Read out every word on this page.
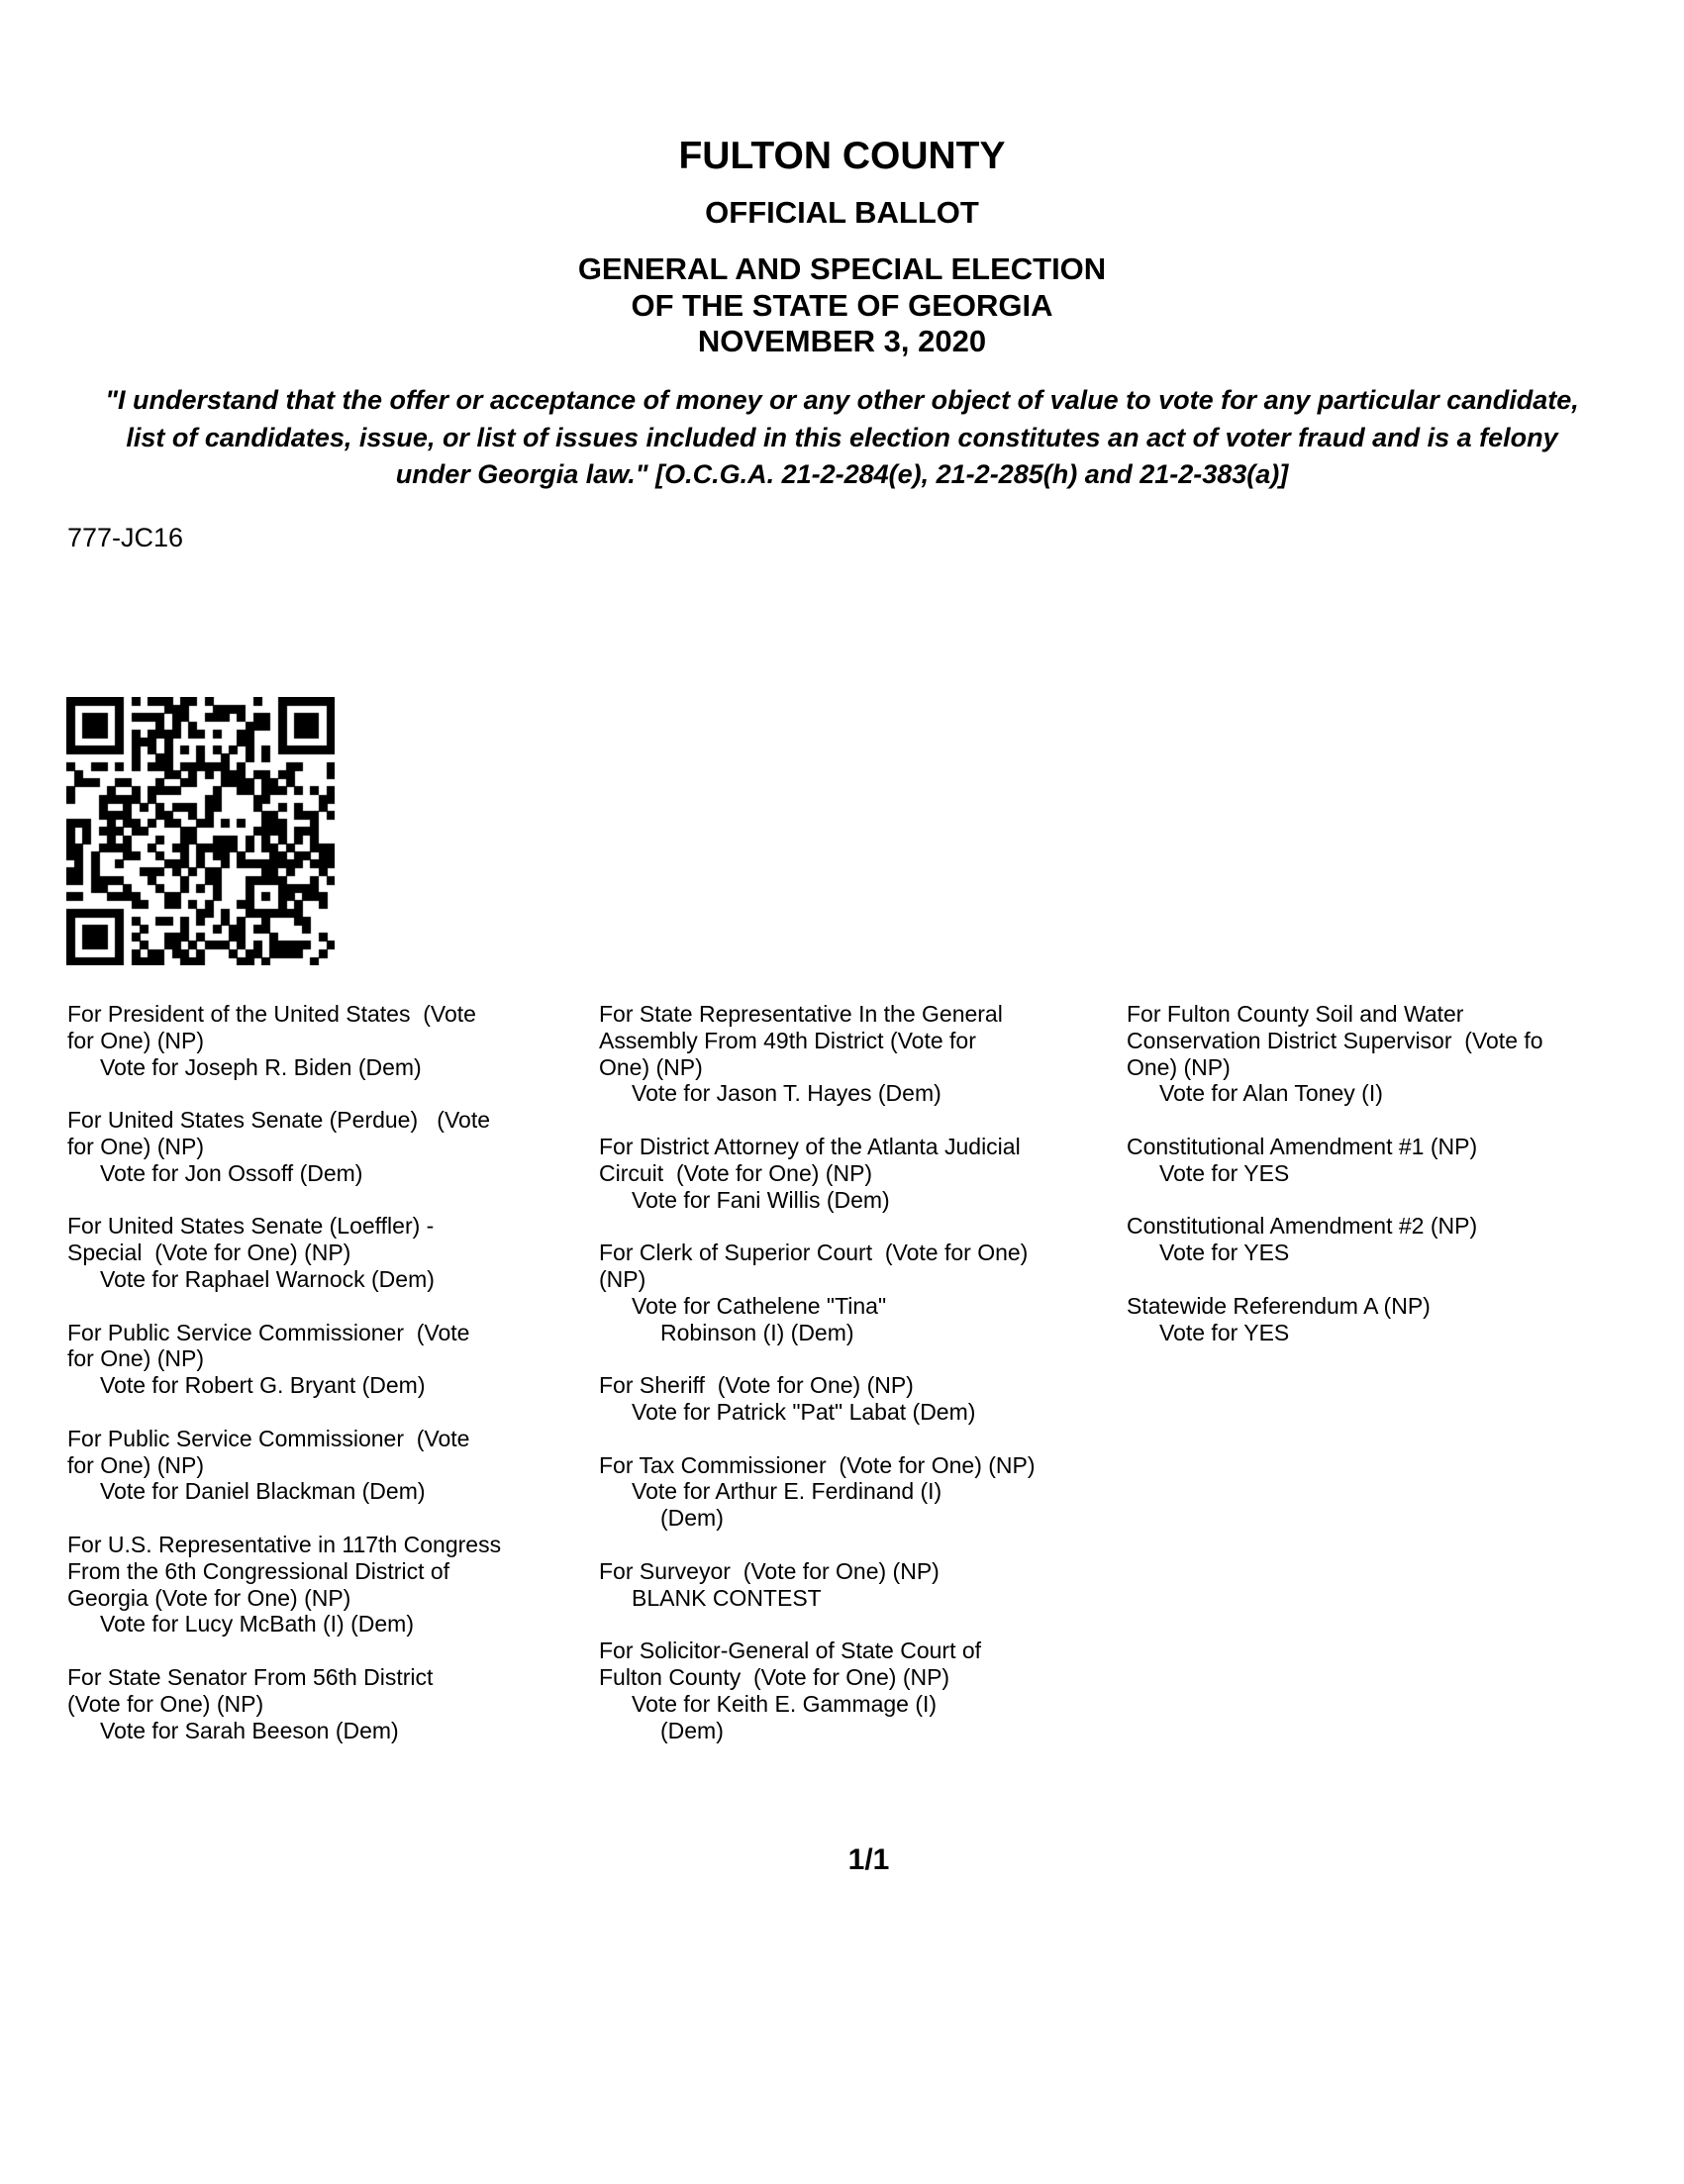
FULTON COUNTY
OFFICIAL BALLOT
GENERAL AND SPECIAL ELECTION
OF THE STATE OF GEORGIA
NOVEMBER 3, 2020
"I understand that the offer or acceptance of money or any other object of value to vote for any particular candidate,
list of candidates, issue, or list of issues included in this election constitutes an act of voter fraud and is a felony
under Georgia law." [O.C.G.A. 21-2-284(e), 21-2-285(h) and 21-2-383(a)]
777-JC16
For President of the United States  (Vote
for One) (NP)
Vote for Joseph R. Biden (Dem)
For United States Senate (Perdue)   (Vote
for One) (NP)
Vote for Jon Ossoff (Dem)
For United States Senate (Loeffler) -
Special  (Vote for One) (NP)
Vote for Raphael Warnock (Dem)
For Public Service Commissioner  (Vote
for One) (NP)
Vote for Robert G. Bryant (Dem)
For Public Service Commissioner  (Vote
for One) (NP)
Vote for Daniel Blackman (Dem)
For U.S. Representative in 117th Congress
From the 6th Congressional District of
Georgia (Vote for One) (NP)
Vote for Lucy McBath (I) (Dem)
For State Senator From 56th District
(Vote for One) (NP)
Vote for Sarah Beeson (Dem)
For State Representative In the General
Assembly From 49th District (Vote for
One) (NP)
Vote for Jason T. Hayes (Dem)
For District Attorney of the Atlanta Judicial
Circuit  (Vote for One) (NP)
Vote for Fani Willis (Dem)
For Clerk of Superior Court  (Vote for One)
(NP)
Vote for Cathelene "Tina"
Robinson (I) (Dem)
For Sheriff  (Vote for One) (NP)
Vote for Patrick "Pat" Labat (Dem)
For Tax Commissioner  (Vote for One) (NP)
Vote for Arthur E. Ferdinand (I)
(Dem)
For Surveyor  (Vote for One) (NP)
BLANK CONTEST
For Solicitor-General of State Court of
Fulton County  (Vote for One) (NP)
Vote for Keith E. Gammage (I)
(Dem)
For Fulton County Soil and Water
Conservation District Supervisor  (Vote fo
One) (NP)
Vote for Alan Toney (I)
Constitutional Amendment #1 (NP)
Vote for YES
Constitutional Amendment #2 (NP)
Vote for YES
Statewide Referendum A (NP)
Vote for YES
1/1
